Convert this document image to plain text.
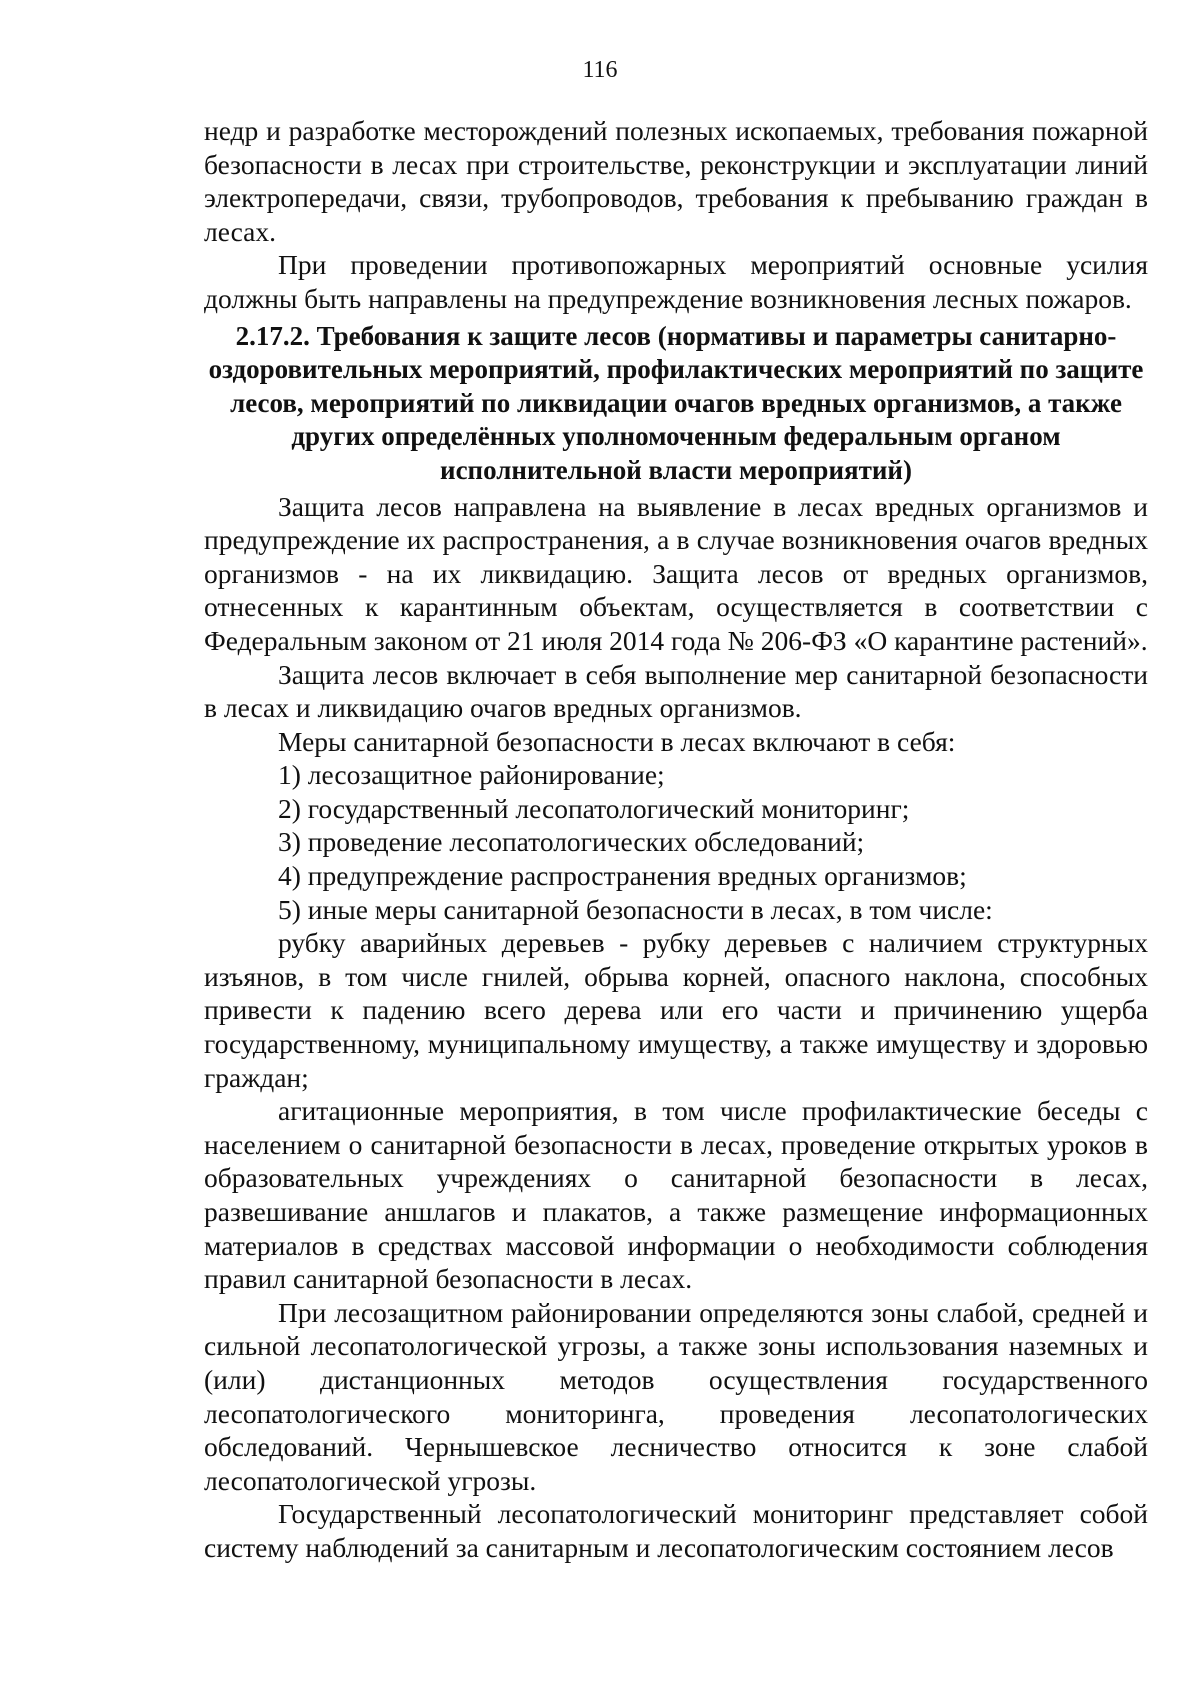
116

недр и разработке месторождений полезных ископаемых, требования пожарной безопасности в лесах при строительстве, реконструкции и эксплуатации линий электропередачи, связи, трубопроводов, требования к пребыванию граждан в лесах.

При проведении противопожарных мероприятий основные усилия должны быть направлены на предупреждение возникновения лесных пожаров.

2.17.2. Требования к защите лесов (нормативы и параметры санитарно-оздоровительных мероприятий, профилактических мероприятий по защите лесов, мероприятий по ликвидации очагов вредных организмов, а также других определённых уполномоченным федеральным органом исполнительной власти мероприятий)

Защита лесов направлена на выявление в лесах вредных организмов и предупреждение их распространения, а в случае возникновения очагов вредных организмов - на их ликвидацию. Защита лесов от вредных организмов, отнесенных к карантинным объектам, осуществляется в соответствии с Федеральным законом от 21 июля 2014 года № 206-ФЗ «О карантине растений».

Защита лесов включает в себя выполнение мер санитарной безопасности в лесах и ликвидацию очагов вредных организмов.

Меры санитарной безопасности в лесах включают в себя:

1) лесозащитное районирование;

2) государственный лесопатологический мониторинг;

3) проведение лесопатологических обследований;

4) предупреждение распространения вредных организмов;

5) иные меры санитарной безопасности в лесах, в том числе:

рубку аварийных деревьев - рубку деревьев с наличием структурных изъянов, в том числе гнилей, обрыва корней, опасного наклона, способных привести к падению всего дерева или его части и причинению ущерба государственному, муниципальному имуществу, а также имуществу и здоровью граждан;

агитационные мероприятия, в том числе профилактические беседы с населением о санитарной безопасности в лесах, проведение открытых уроков в образовательных учреждениях о санитарной безопасности в лесах, развешивание аншлагов и плакатов, а также размещение информационных материалов в средствах массовой информации о необходимости соблюдения правил санитарной безопасности в лесах.

При лесозащитном районировании определяются зоны слабой, средней и сильной лесопатологической угрозы, а также зоны использования наземных и (или) дистанционных методов осуществления государственного лесопатологического мониторинга, проведения лесопатологических обследований. Чернышевское лесничество относится к зоне слабой лесопатологической угрозы.

Государственный лесопатологический мониторинг представляет собой систему наблюдений за санитарным и лесопатологическим состоянием лесов
